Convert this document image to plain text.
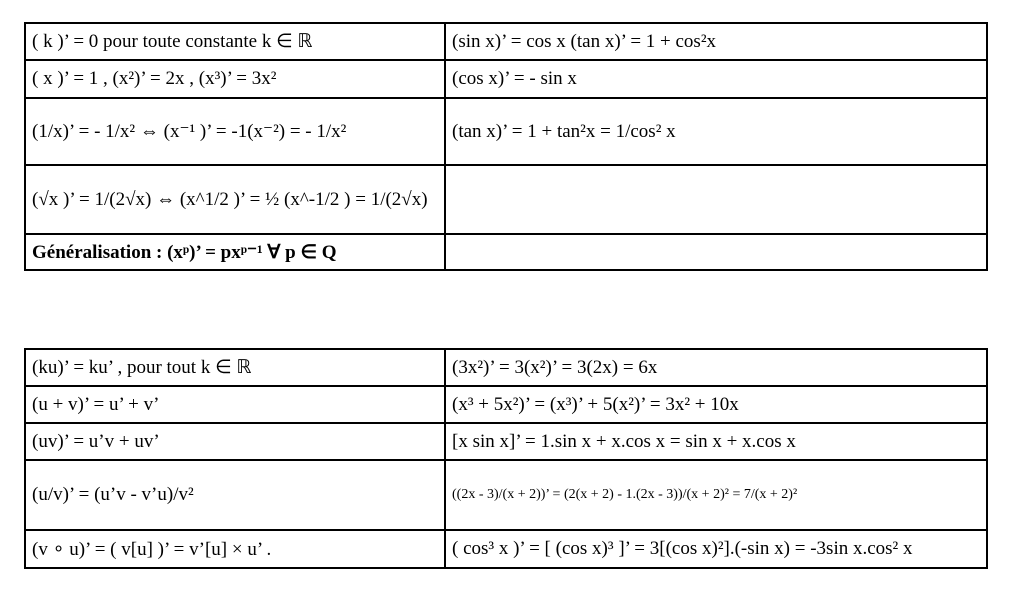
( k )’ = 0 pour toute constante k ∈ ℝ	(sin x)’ = cos x (tan x)’ = 1 + cos²x
( x )’ = 1 , (x²)’ = 2x , (x³)’ = 3x²	(cos x)’ = - sin x
(1/x)’ = - 1/x² ⇔ (x⁻¹ )’ = -1(x⁻²) = - 1/x²	(tan x)’ = 1 + tan²x = 1/cos² x
(√x )’ = 1/(2√x) ⇔ (x^1/2 )’ = ½ (x^-1/2 ) = 1/(2√x)	
Généralisation : (xᵖ)’ = pxᵖ⁻¹ ∀ p ∈ Q	
(ku)’ = ku’ , pour tout k ∈ ℝ	(3x²)’ = 3(x²)’ = 3(2x) = 6x
(u + v)’ = u’ + v’	(x³ + 5x²)’ = (x³)’ + 5(x²)’ = 3x² + 10x
(uv)’ = u’v + uv’	[x sin x]’ = 1.sin x + x.cos x = sin x + x.cos x
(u/v)’ = (u’v - v’u)/v²	((2x - 3)/(x + 2))’ = (2(x + 2) - 1.(2x - 3))/(x + 2)² = 7/(x + 2)²
(v ∘ u)’ = ( v[u] )’ = v’[u] × u’ .	( cos³ x )’ = [ (cos x)³ ]’ = 3[(cos x)²].(-sin x) = -3sin x.cos² x
